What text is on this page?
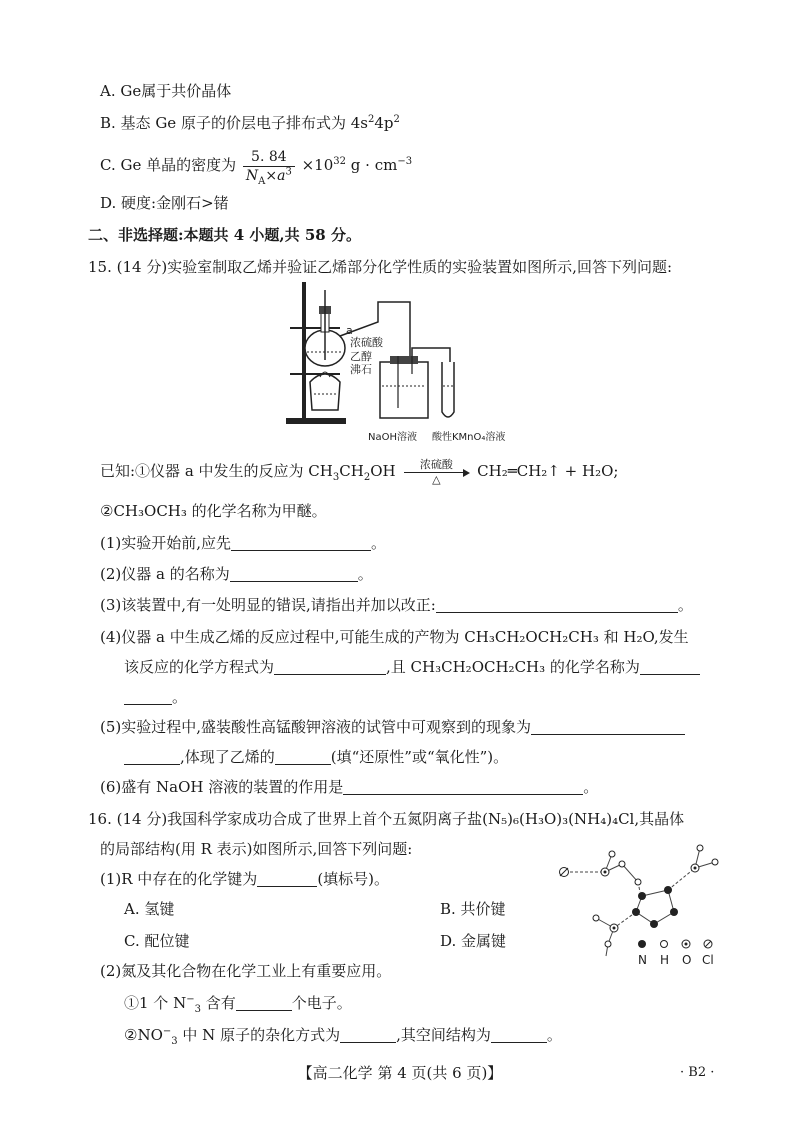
A. Ge属于共价晶体
B. 基态 Ge 原子的价层电子排布式为 $4s^24p^2$
C. Ge 单晶的密度为 $\frac{5. 84}{N_A\times a^3} \times 10^{32}$ $g \cdot cm^{-3}$
D. 硬度:金刚石>锗
二、非选择题:本题共 4 小题,共 58 分。
15. (14 分)实验室制取乙烯并验证乙烯部分化学性质的实验装置如图所示,回答下列问题:
a
浓硫酸
乙醇
沸石
NaOH溶液 酸性KMnO₄溶液
已知:①仪器 a 中发生的反应为 $CH_3CH_2OH$	浓硫酸
△	CH₂═CH₂↑ + H₂O;
②CH₃OCH₃ 的化学名称为甲醚。
(1)实验开始前,应先	。
(2)仪器 a 的名称为	。
(3)该装置中,有一处明显的错误,请指出并加以改正:	。
(4)仪器 a 中生成乙烯的反应过程中,可能生成的产物为 CH₃CH₂OCH₂CH₃ 和 H₂O,发生
该反应的化学方程式为	,且 CH₃CH₂OCH₂CH₃ 的化学名称为
。
(5)实验过程中,盛装酸性高锰酸钾溶液的试管中可观察到的现象为
,体现了乙烯的	(填“还原性”或“氧化性”)。
(6)盛有 NaOH 溶液的装置的作用是	。
16. (14 分)我国科学家成功合成了世界上首个五氮阴离子盐(N₅)₆(H₃O)₃(NH₄)₄Cl,其晶体
的局部结构(用 R 表示)如图所示,回答下列问题:
(1)R 中存在的化学键为	(填标号)。
A. 氢键	B. 共价键
C. 配位键	D. 金属键
N H O Cl
(2)氮及其化合物在化学工业上有重要应用。
①1 个 $N^-_3$ 含有	个电子。
$②NO^-_3$ 中 N 原子的杂化方式为	,其空间结构为	。
【高二化学 第 4 页(共 6 页)】	· B2 ·
